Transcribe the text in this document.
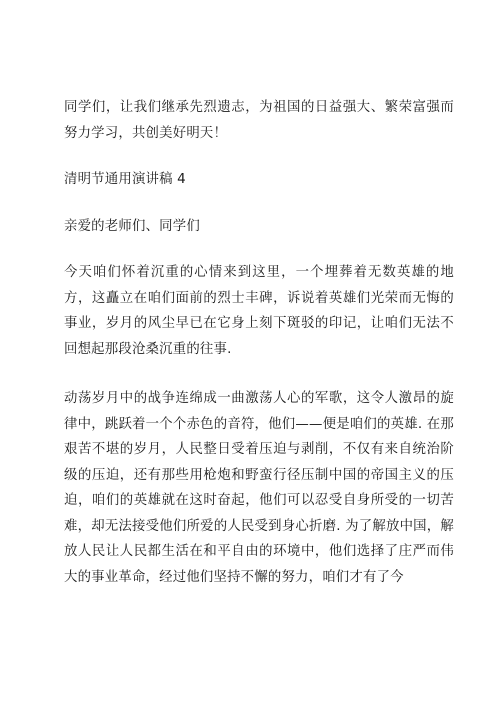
同学们，让我们继承先烈遗志，为祖国的日益强大、繁荣富强而努力学习，共创美好明天！

清明节通用演讲稿 4

亲爱的老师们、同学们

今天咱们怀着沉重的心情来到这里，一个埋葬着无数英雄的地方，这矗立在咱们面前的烈士丰碑，诉说着英雄们光荣而无悔的事业，岁月的风尘早已在它身上刻下斑驳的印记，让咱们无法不回想起那段沧桑沉重的往事.

动荡岁月中的战争连绵成一曲激荡人心的军歌，这令人激昂的旋律中，跳跃着一个个赤色的音符，他们——便是咱们的英雄. 在那艰苦不堪的岁月，人民整日受着压迫与剥削，不仅有来自统治阶级的压迫，还有那些用枪炮和野蛮行径压制中国的帝国主义的压迫，咱们的英雄就在这时奋起，他们可以忍受自身所受的一切苦难，却无法接受他们所爱的人民受到身心折磨. 为了解放中国，解放人民让人民都生活在和平自由的环境中，他们选择了庄严而伟大的事业革命，经过他们坚持不懈的努力，咱们才有了今
